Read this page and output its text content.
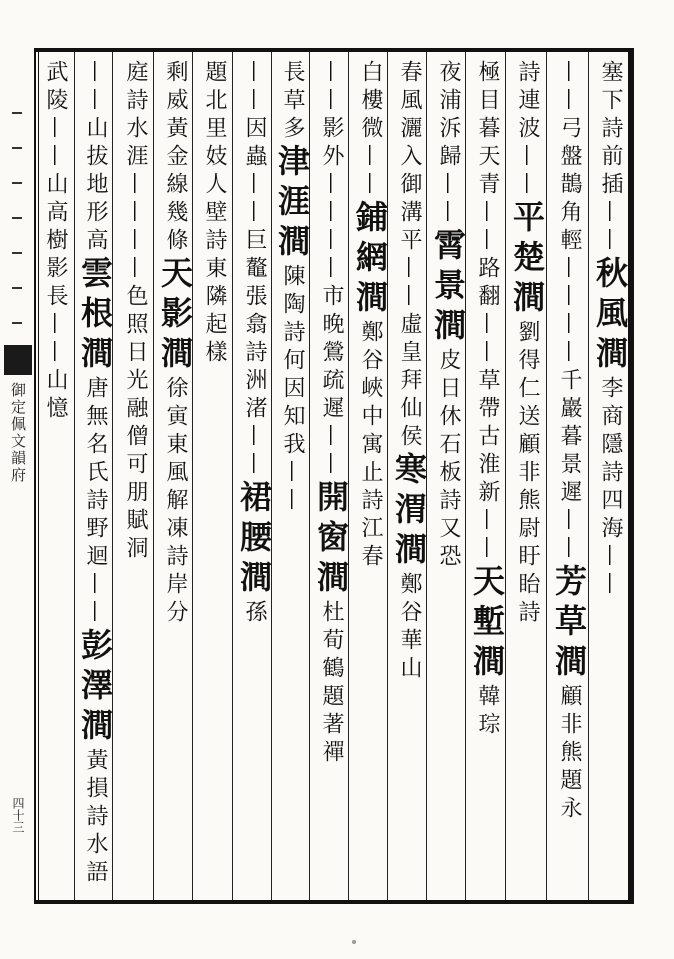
御定佩文韻府
四十三
塞下詩前插——秋風澗李商隱詩四海——
——弓盤鵲角輕————千巖暮景遲——芳草澗顧非熊題永
詩連波——平楚澗劉得仁送顧非熊尉盱眙詩
極目暮天青——路翻——草帶古淮新——天塹澗韓琮
夜浦泝歸——霄景澗皮日休石板詩又恐
春風灑入御溝平——虛皇拜仙侯寒渭澗鄭谷華山
白樓微——鋪網澗鄭谷峽中寓止詩江春
——影外————市晚鶯疏遲——開窗澗杜荀鶴題著禪
長草多津涯澗陳陶詩何因知我——
——因蟲——巨鼇張翕詩洲渚——裙腰澗孫
題北里妓人壁詩東隣起樣
剩威黃金線幾條天影澗徐寅東風解凍詩岸分
庭詩水涯————色照日光融僧可朋賦洞
——山拔地形高雲根澗唐無名氏詩野迴——彭澤澗黃損詩水語
武陵——山高樹影長——山憶
